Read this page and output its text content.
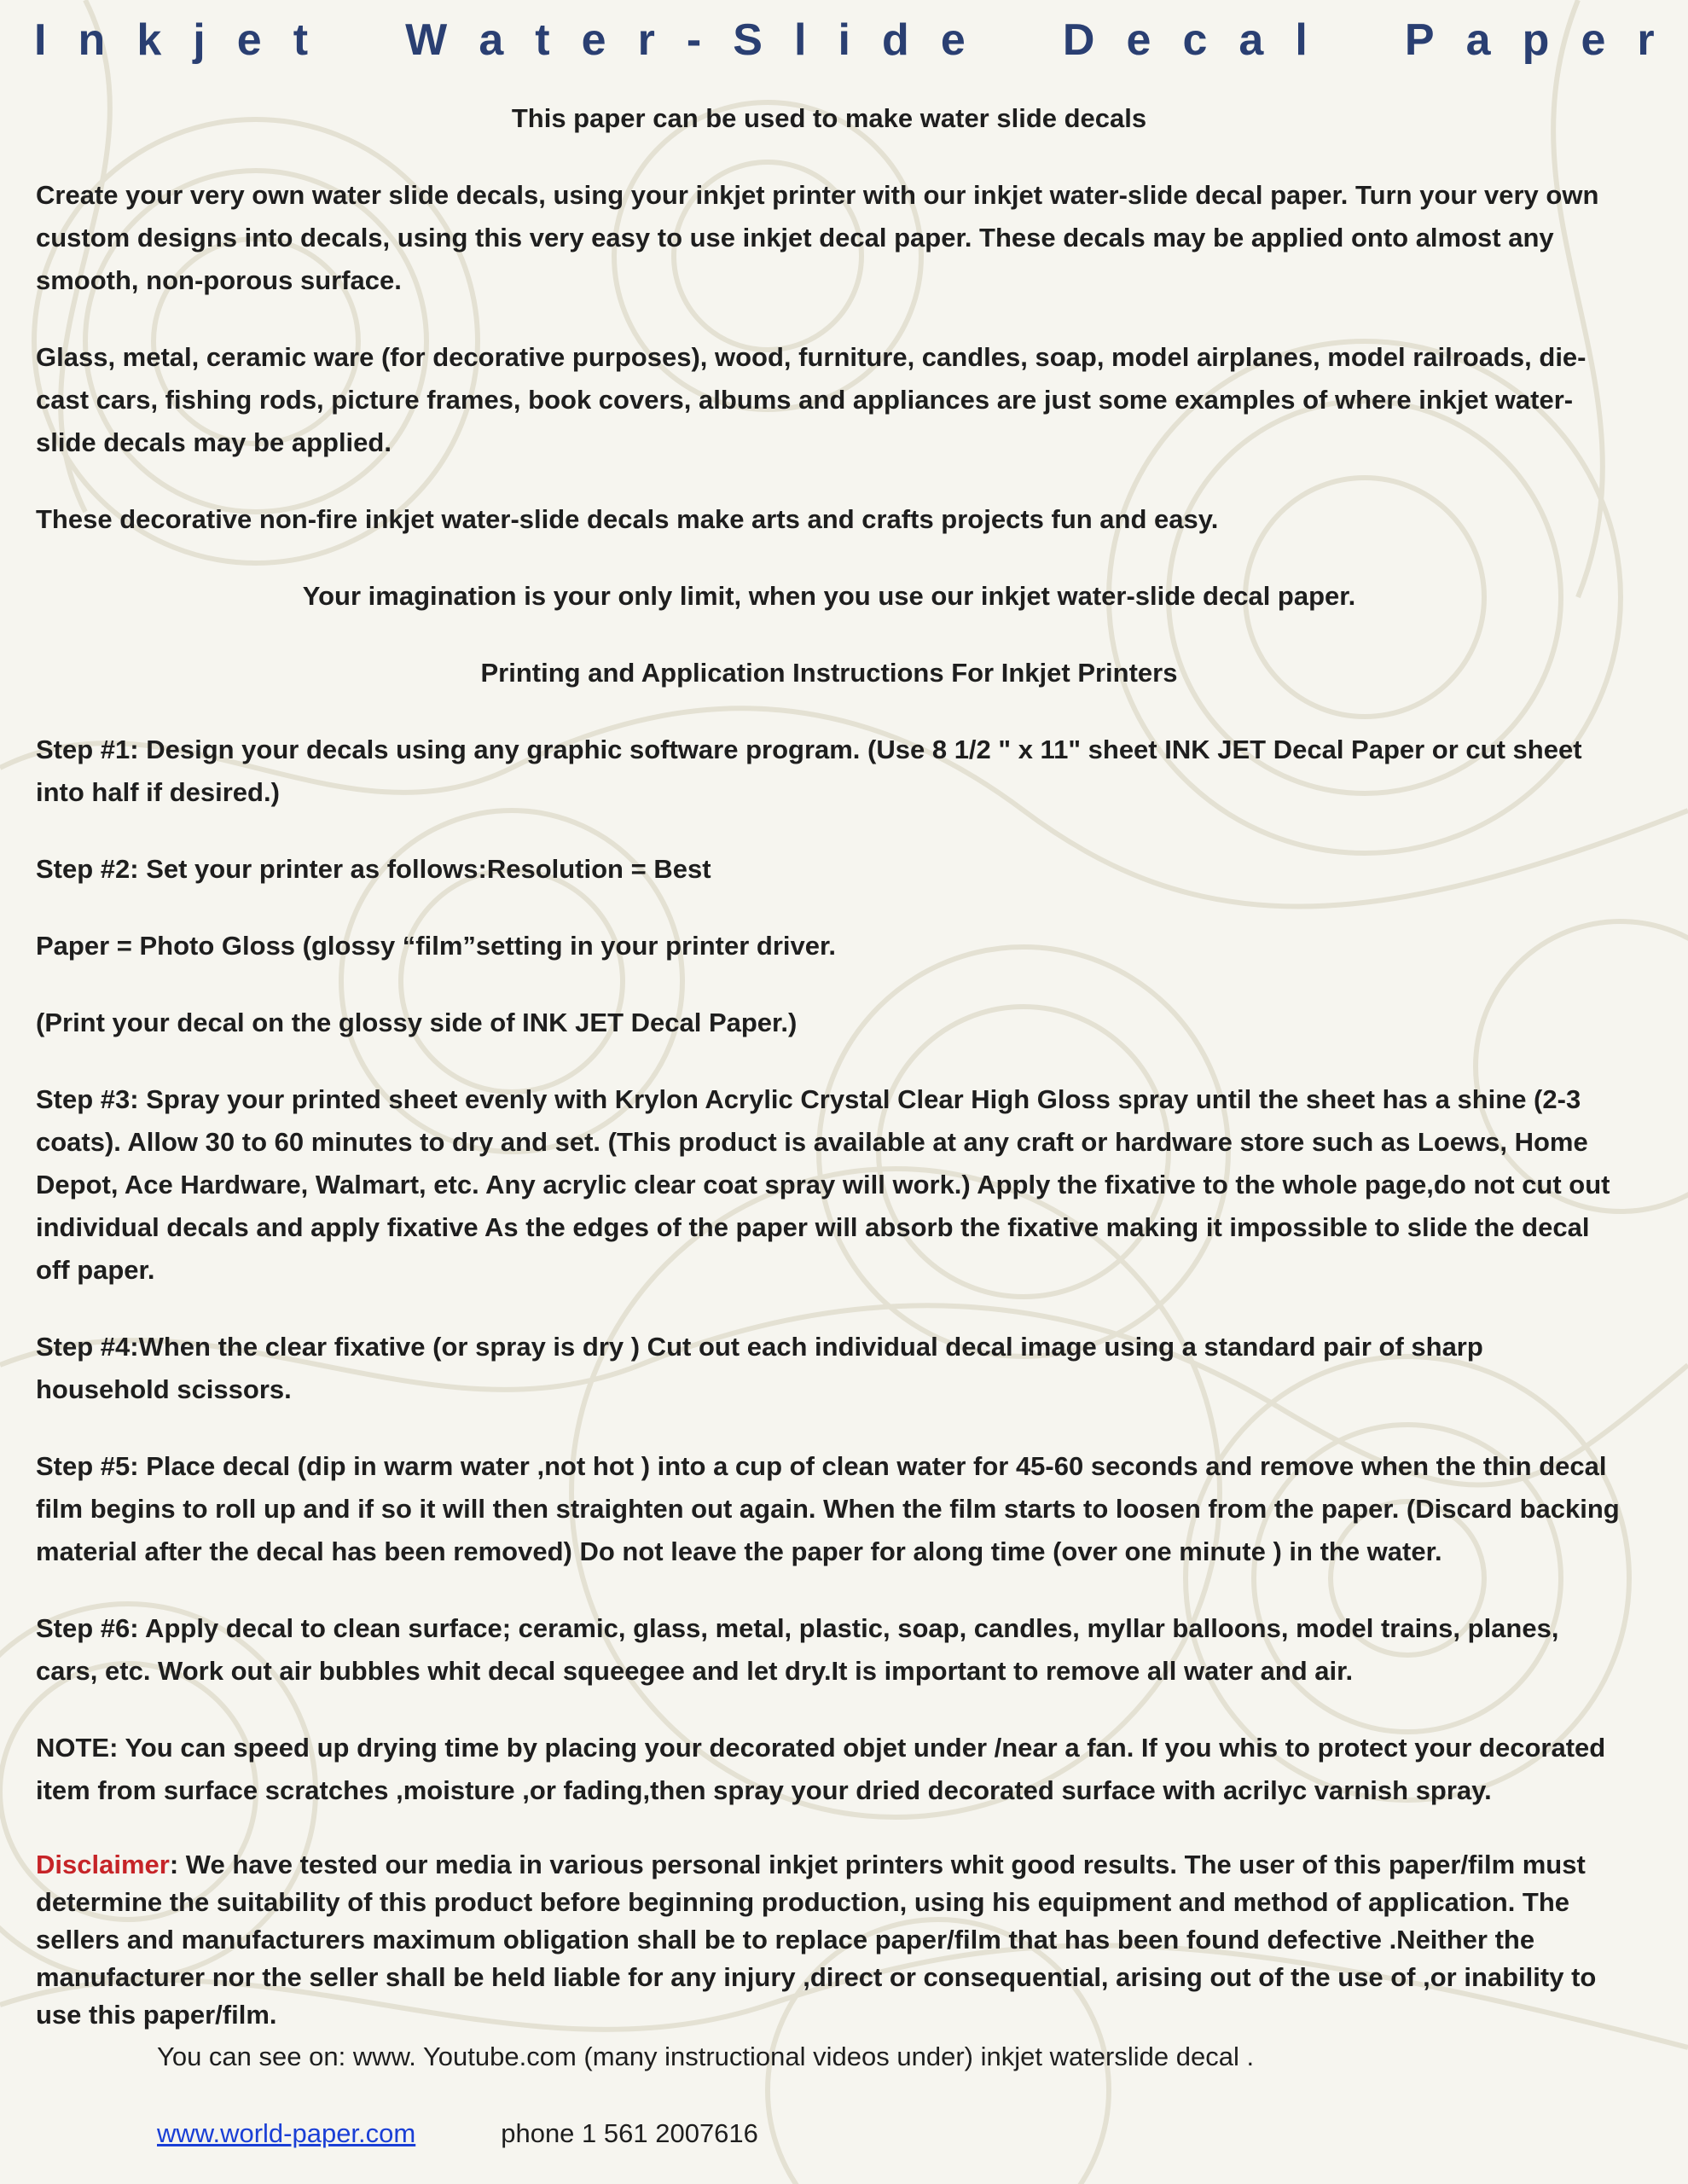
I n k j e t W a t e r - S l i d e D e c a l P a p e r

This paper can be used to make water slide decals

Create your very own water slide decals, using your inkjet printer with our inkjet water-slide decal paper. Turn your very own custom designs into decals, using this very easy to use inkjet decal paper. These decals may be applied onto almost any smooth, non-porous surface.

Glass, metal, ceramic ware (for decorative purposes), wood, furniture, candles, soap, model airplanes, model railroads, die-cast cars, fishing rods, picture frames, book covers, albums and appliances are just some examples of where inkjet water-slide decals may be applied.

These decorative non-fire inkjet water-slide decals make arts and crafts projects fun and easy.

Your imagination is your only limit, when you use our inkjet water-slide decal paper.

Printing and Application Instructions For Inkjet Printers

Step #1: Design your decals using any graphic software program. (Use 8 1/2 " x 11" sheet INK JET Decal Paper or cut sheet into half if desired.)

Step #2: Set your printer as follows:Resolution = Best

Paper = Photo Gloss (glossy “film”setting in your printer driver.

(Print your decal on the glossy side of INK JET Decal Paper.)

Step #3: Spray your printed sheet evenly with Krylon Acrylic Crystal Clear High Gloss spray until the sheet has a shine (2-3 coats). Allow 30 to 60 minutes to dry and set. (This product is available at any craft or hardware store such as Loews, Home Depot, Ace Hardware, Walmart, etc. Any acrylic clear coat spray will work.) Apply the fixative to the whole page,do not cut out individual decals and apply fixative As the edges of the paper will absorb the fixative making it impossible to slide the decal off paper.

Step #4:When the clear fixative (or spray is dry ) Cut out each individual decal image using a standard pair of sharp household scissors.

Step #5: Place decal (dip in warm water ,not hot ) into a cup of clean water for 45-60 seconds and remove when the thin decal film begins to roll up and if so it will then straighten out again. When the film starts to loosen from the paper. (Discard backing material after the decal has been removed) Do not leave the paper for along time (over one minute ) in the water.

Step #6: Apply decal to clean surface; ceramic, glass, metal, plastic, soap, candles, myllar balloons, model trains, planes, cars, etc. Work out air bubbles whit decal squeegee and let dry.It is important to remove all water and air.

NOTE: You can speed up drying time by placing your decorated objet under /near a fan. If you whis to protect your decorated item from surface scratches ,moisture ,or fading,then spray your dried decorated surface with acrilyc varnish spray.

Disclaimer: We have tested our media in various personal inkjet printers whit good results. The user of this paper/film must determine the suitability of this product before beginning production, using his equipment and method of application. The sellers and manufacturers maximum obligation shall be to replace paper/film that has been found defective .Neither the manufacturer nor the seller shall be held liable for any injury ,direct or consequential, arising out of the use of ,or inability to use this paper/film.

You can see on: www. Youtube.com (many instructional videos under) inkjet waterslide decal .

www.world-paper.com	phone 1 561 2007616
